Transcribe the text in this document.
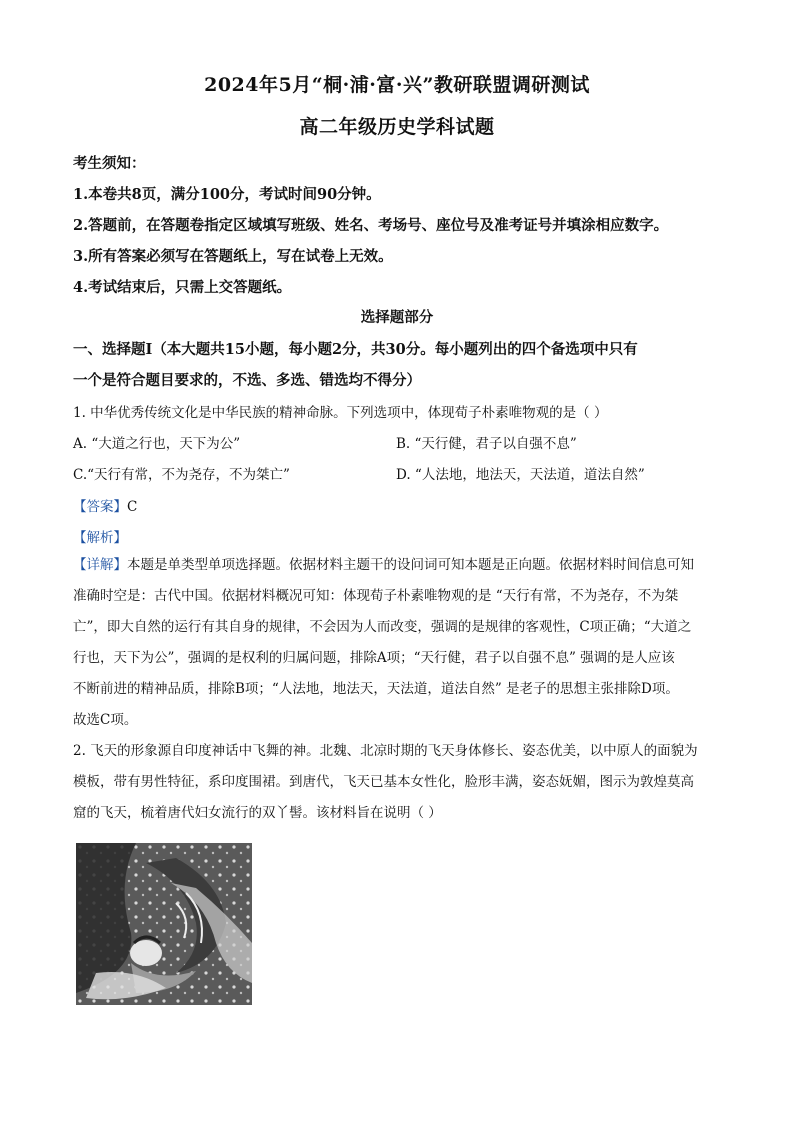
2024年5月“桐·浦·富·兴”教研联盟调研测试
高二年级历史学科试题
考生须知：
1.本卷共8页，满分100分，考试时间90分钟。
2.答题前，在答题卷指定区域填写班级、姓名、考场号、座位号及准考证号并填涂相应数字。
3.所有答案必须写在答题纸上，写在试卷上无效。
4.考试结束后，只需上交答题纸。
选择题部分
一、选择题Ⅰ（本大题共15小题，每小题2分，共30分。每小题列出的四个备选项中只有
一个是符合题目要求的，不选、多选、错选均不得分）
1. 中华优秀传统文化是中华民族的精神命脉。下列选项中，体现荀子朴素唯物观的是（ ）
A. “大道之行也，天下为公”	B. “天行健，君子以自强不息”
C.“天行有常，不为尧存，不为桀亡”	D. “人法地，地法天，天法道，道法自然”
【答案】C
【解析】
【详解】本题是单类型单项选择题。依据材料主题干的设问词可知本题是正向题。依据材料时间信息可知
准确时空是：古代中国。依据材料概况可知：体现荀子朴素唯物观的是 “天行有常，不为尧存，不为桀
亡”，即大自然的运行有其自身的规律，不会因为人而改变，强调的是规律的客观性，C项正确；“大道之
行也，天下为公”，强调的是权利的归属问题，排除A项；“天行健，君子以自强不息” 强调的是人应该
不断前进的精神品质，排除B项；“人法地，地法天，天法道，道法自然” 是老子的思想主张排除D项。
故选C项。
2. 飞天的形象源自印度神话中飞舞的神。北魏、北凉时期的飞天身体修长、姿态优美，以中原人的面貌为
模板，带有男性特征，系印度围裙。到唐代，飞天已基本女性化，脸形丰满，姿态妩媚，图示为敦煌莫高
窟的飞天，梳着唐代妇女流行的双丫髻。该材料旨在说明（ ）
